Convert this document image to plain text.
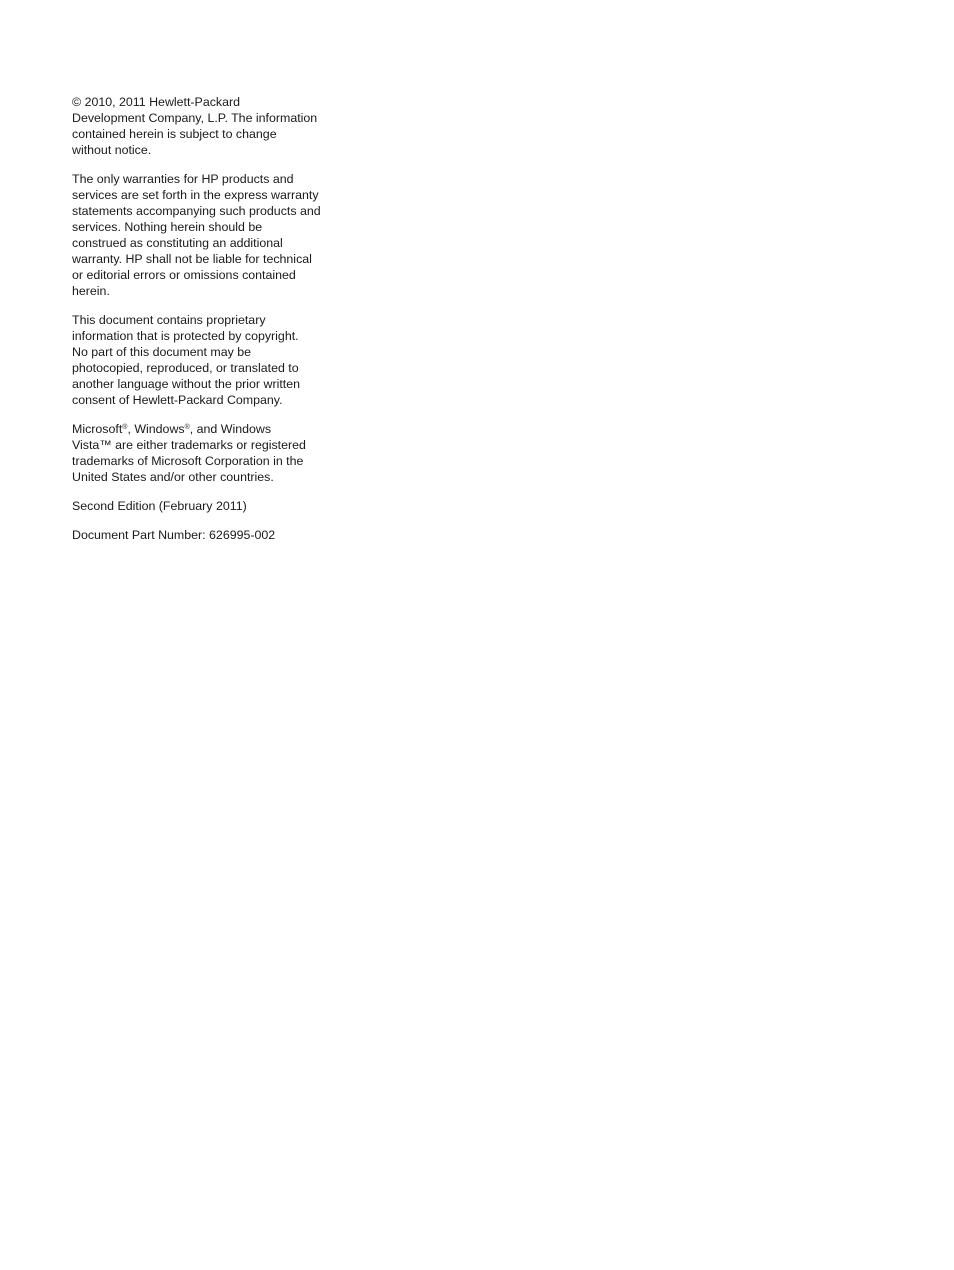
© 2010, 2011 Hewlett-Packard
Development Company, L.P. The information
contained herein is subject to change
without notice.

The only warranties for HP products and
services are set forth in the express warranty
statements accompanying such products and
services. Nothing herein should be
construed as constituting an additional
warranty. HP shall not be liable for technical
or editorial errors or omissions contained
herein.

This document contains proprietary
information that is protected by copyright.
No part of this document may be
photocopied, reproduced, or translated to
another language without the prior written
consent of Hewlett-Packard Company.

Microsoft®, Windows®, and Windows
Vista™ are either trademarks or registered
trademarks of Microsoft Corporation in the
United States and/or other countries.

Second Edition (February 2011)

Document Part Number: 626995-002
